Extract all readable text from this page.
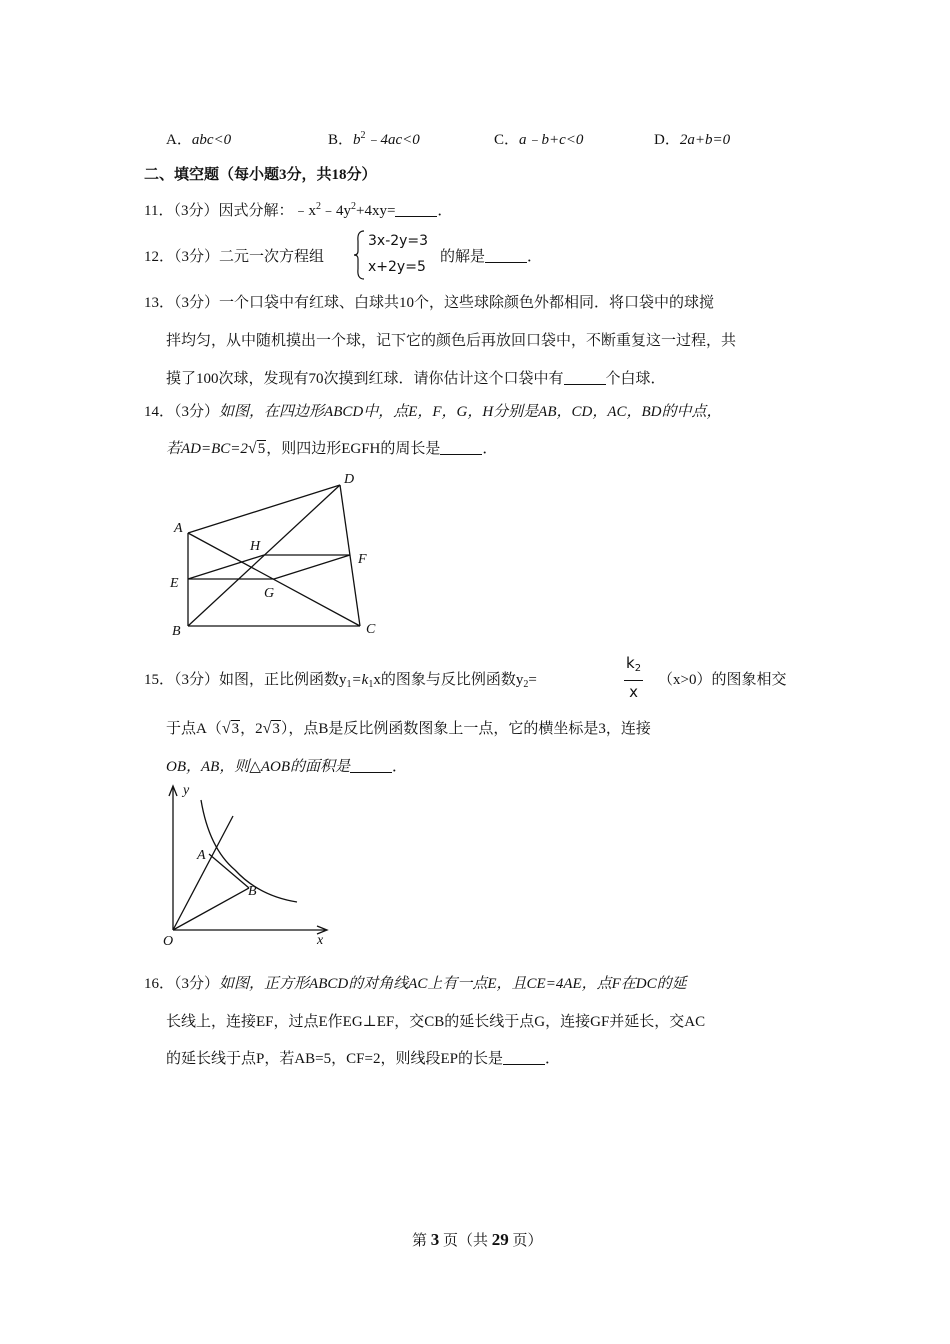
A．abc<0	B．$b^2﹣4ac<0$	C．a﹣b+c<0	D．2a+b=0
二、填空题（每小题3分，共18分）
11．（3分）因式分解：$﹣x^2﹣4y^2+4xy=$	．
12．（3分）二元一次方程组
3x-2y=3
x+2y=5
的解是	．
13．（3分）一个口袋中有红球、白球共10个，这些球除颜色外都相同．将口袋中的球搅
拌均匀，从中随机摸出一个球，记下它的颜色后再放回口袋中，不断重复这一过程，共
摸了100次球，发现有70次摸到红球．请你估计这个口袋中有	个白球．
14．（3分）如图，在四边形ABCD中，点E，F，G，H分别是AB，CD，AC，BD的中点，
若AD=BC=2√5，则四边形EGFH的周长是	．
A
B	C
D
E
F
G
H
15．（3分）如图，正比例函数$y_1=k_1x$的图象与反比例函数$y_2=$	$\frac{k_2}{x} (x>0)$的图象相交
于点A（√3，2√3），点B是反比例函数图象上一点，它的横坐标是3，连接
OB，AB，则△AOB的面积是	．
y
x
O
A
B
16．（3分）如图，正方形ABCD的对角线AC上有一点E，且CE=4AE，点F在DC的延
长线上，连接EF，过点E作EG⊥EF，交CB的延长线于点G，连接GF并延长，交AC
的延长线于点P，若AB=5，CF=2，则线段EP的长是	．
第 3 页（共 29 页）
